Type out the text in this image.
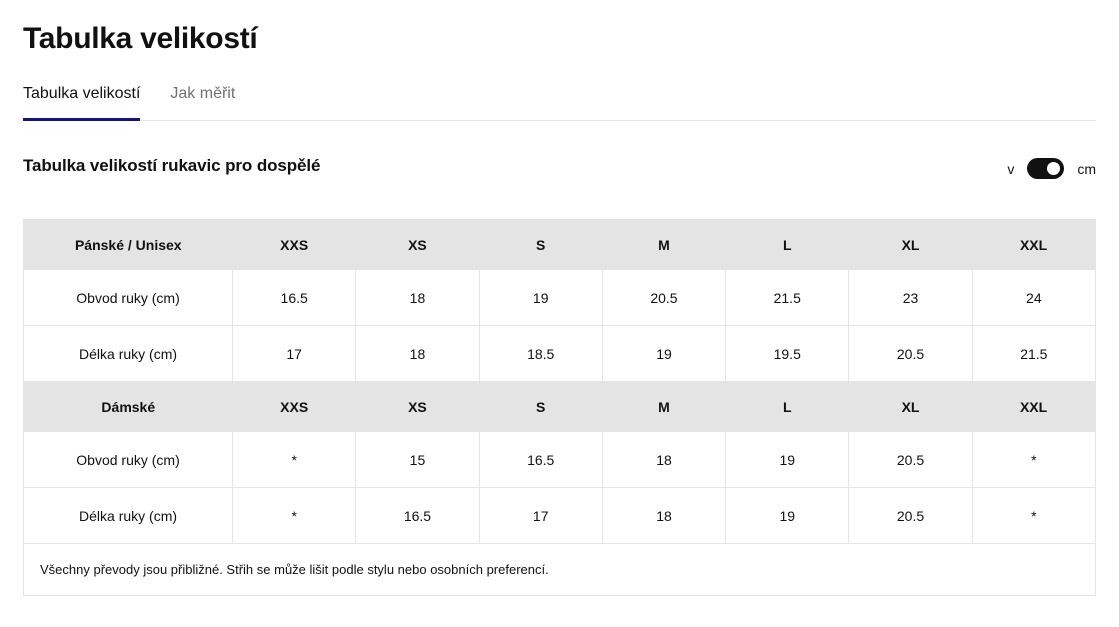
Tabulka velikostí
Tabulka velikostí Jak měřit
Tabulka velikostí rukavic pro dospělé	v	cm
Pánské / Unisex	XXS	XS	S	M	L	XL	XXL
Obvod ruky (cm)	16.5	18	19	20.5	21.5	23	24
Délka ruky (cm)	17	18	18.5	19	19.5	20.5	21.5
Dámské	XXS	XS	S	M	L	XL	XXL
Obvod ruky (cm)	*	15	16.5	18	19	20.5	*
Délka ruky (cm)	*	16.5	17	18	19	20.5	*
Všechny převody jsou přibližné. Střih se může lišit podle stylu nebo osobních preferencí.							
